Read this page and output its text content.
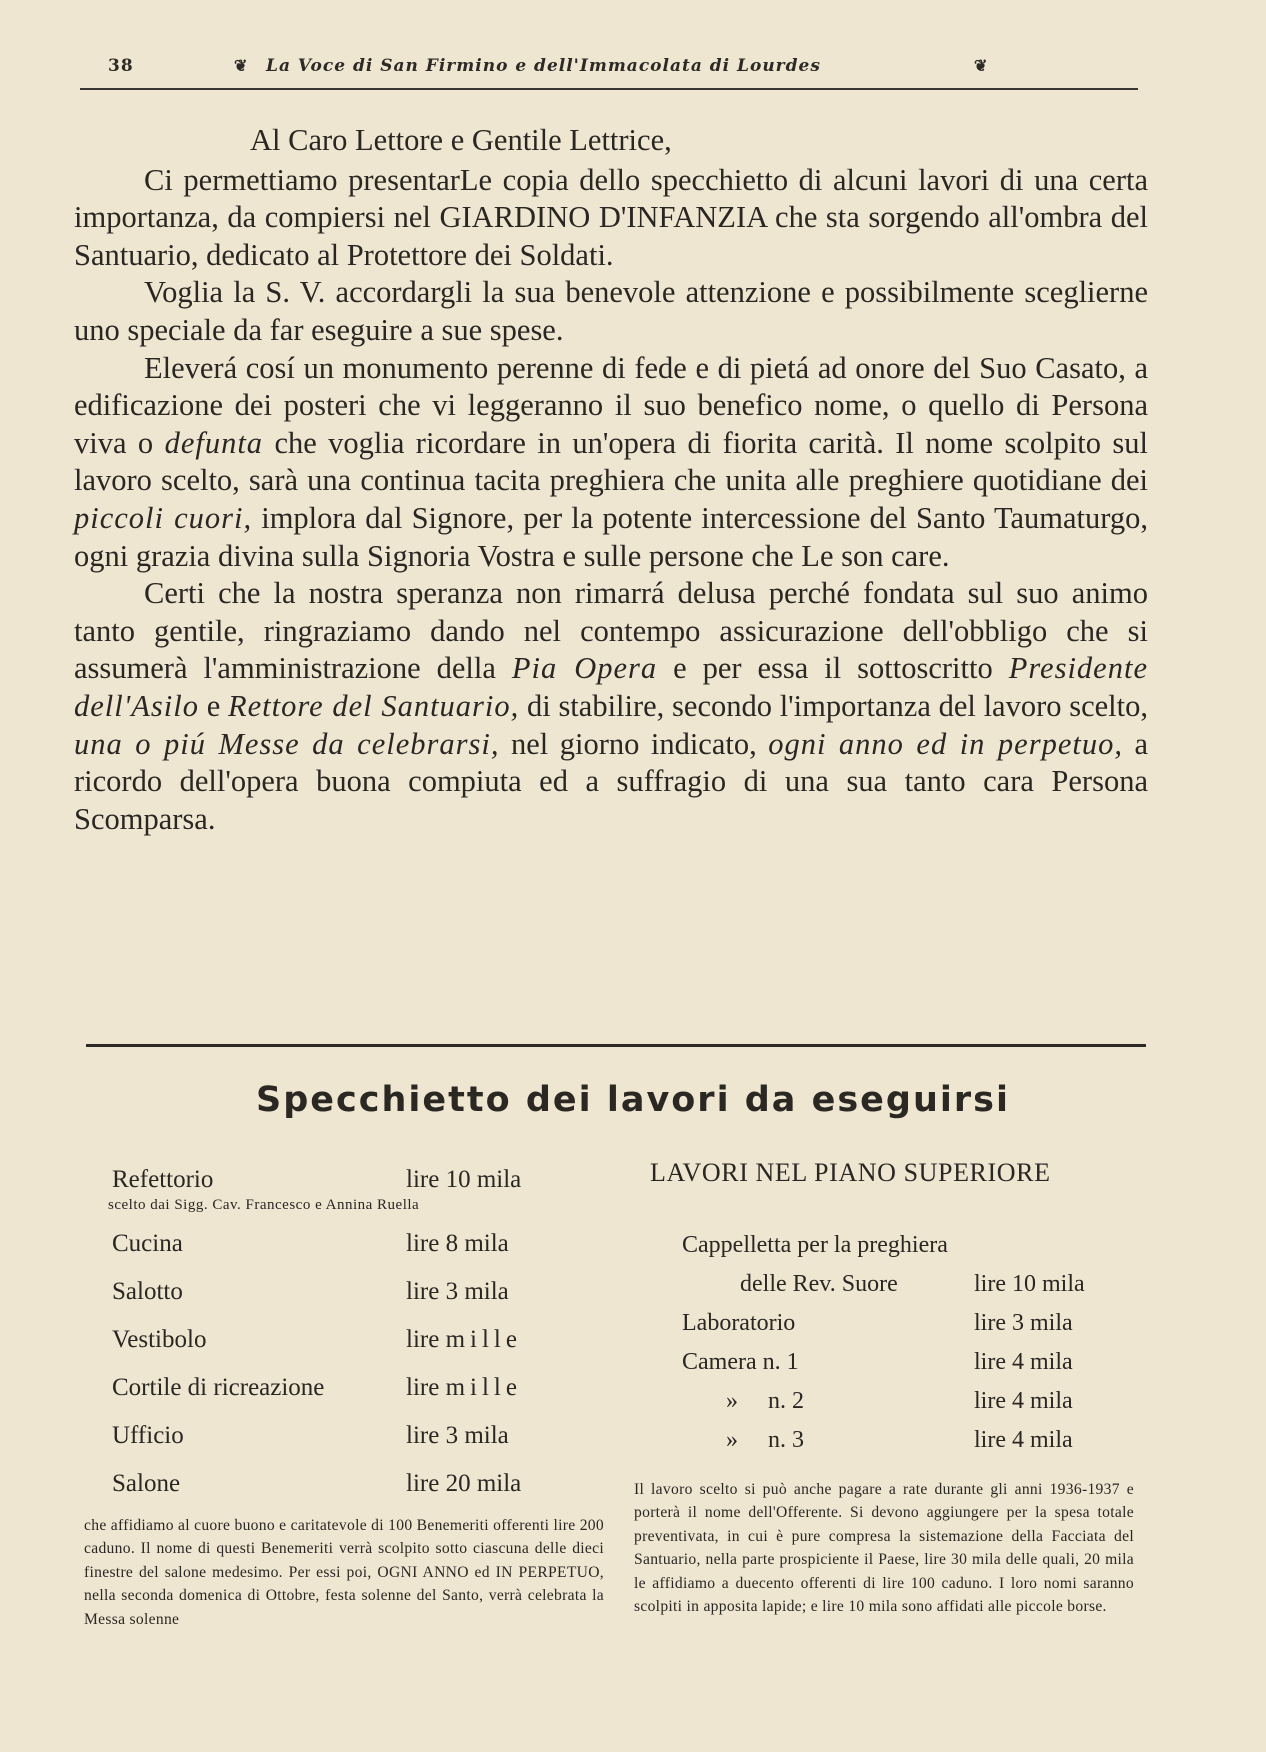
38	❦ La Voce di San Firmino e dell'Immacolata di Lourdes	❦
Al Caro Lettore e Gentile Lettrice,

Ci permettiamo presentarLe copia dello specchietto di alcuni lavori di una certa importanza, da compiersi nel GIARDINO D'INFANZIA che sta sorgendo all'ombra del Santuario, dedicato al Protettore dei Soldati.

Voglia la S. V. accordargli la sua benevole attenzione e possibilmente sceglierne uno speciale da far eseguire a sue spese.

Eleverá cosí un monumento perenne di fede e di pietá ad onore del Suo Casato, a edificazione dei posteri che vi leggeranno il suo benefico nome, o quello di Persona viva o defunta che voglia ricordare in un'opera di fiorita carità. Il nome scolpito sul lavoro scelto, sarà una continua tacita preghiera che unita alle preghiere quotidiane dei piccoli cuori, implora dal Signore, per la potente intercessione del Santo Taumaturgo, ogni grazia divina sulla Signoria Vostra e sulle persone che Le son care.

Certi che la nostra speranza non rimarrá delusa perché fondata sul suo animo tanto gentile, ringraziamo dando nel contempo assicurazione dell'obbligo che si assumerà l'amministrazione della Pia Opera e per essa il sottoscritto Presidente dell'Asilo e Rettore del Santuario, di stabilire, secondo l'importanza del lavoro scelto, una o piú Messe da celebrarsi, nel giorno indicato, ogni anno ed in perpetuo, a ricordo dell'opera buona compiuta ed a suffragio di una sua tanto cara Persona Scomparsa.

Specchietto dei lavori da eseguirsi
Refettorio	lire 10 mila
scelto dai Sigg. Cav. Francesco e Annina Ruella
Cucina	lire 8 mila
Salotto	lire 3 mila
Vestibolo	lire mille
Cortile di ricreazione	lire mille
Ufficio	lire 3 mila
Salone	lire 20 mila
che affidiamo al cuore buono e caritatevole di 100 Benemeriti offerenti lire 200 caduno. Il nome di questi Benemeriti verrà scolpito sotto ciascuna delle dieci finestre del salone medesimo. Per essi poi, OGNI ANNO ed IN PERPETUO, nella seconda domenica di Ottobre, festa solenne del Santo, verrà celebrata la Messa solenne
LAVORI NEL PIANO SUPERIORE
Cappelletta per la preghiera
delle Rev. Suore	lire 10 mila
Laboratorio	lire 3 mila
Camera n. 1	lire 4 mila
»     n. 2	lire 4 mila
»     n. 3	lire 4 mila
Il lavoro scelto si può anche pagare a rate durante gli anni 1936-1937 e porterà il nome dell'Offerente. Si devono aggiungere per la spesa totale preventivata, in cui è pure compresa la sistemazione della Facciata del Santuario, nella parte prospiciente il Paese, lire 30 mila delle quali, 20 mila le affidiamo a duecento offerenti di lire 100 caduno. I loro nomi saranno scolpiti in apposita lapide; e lire 10 mila sono affidati alle piccole borse.
